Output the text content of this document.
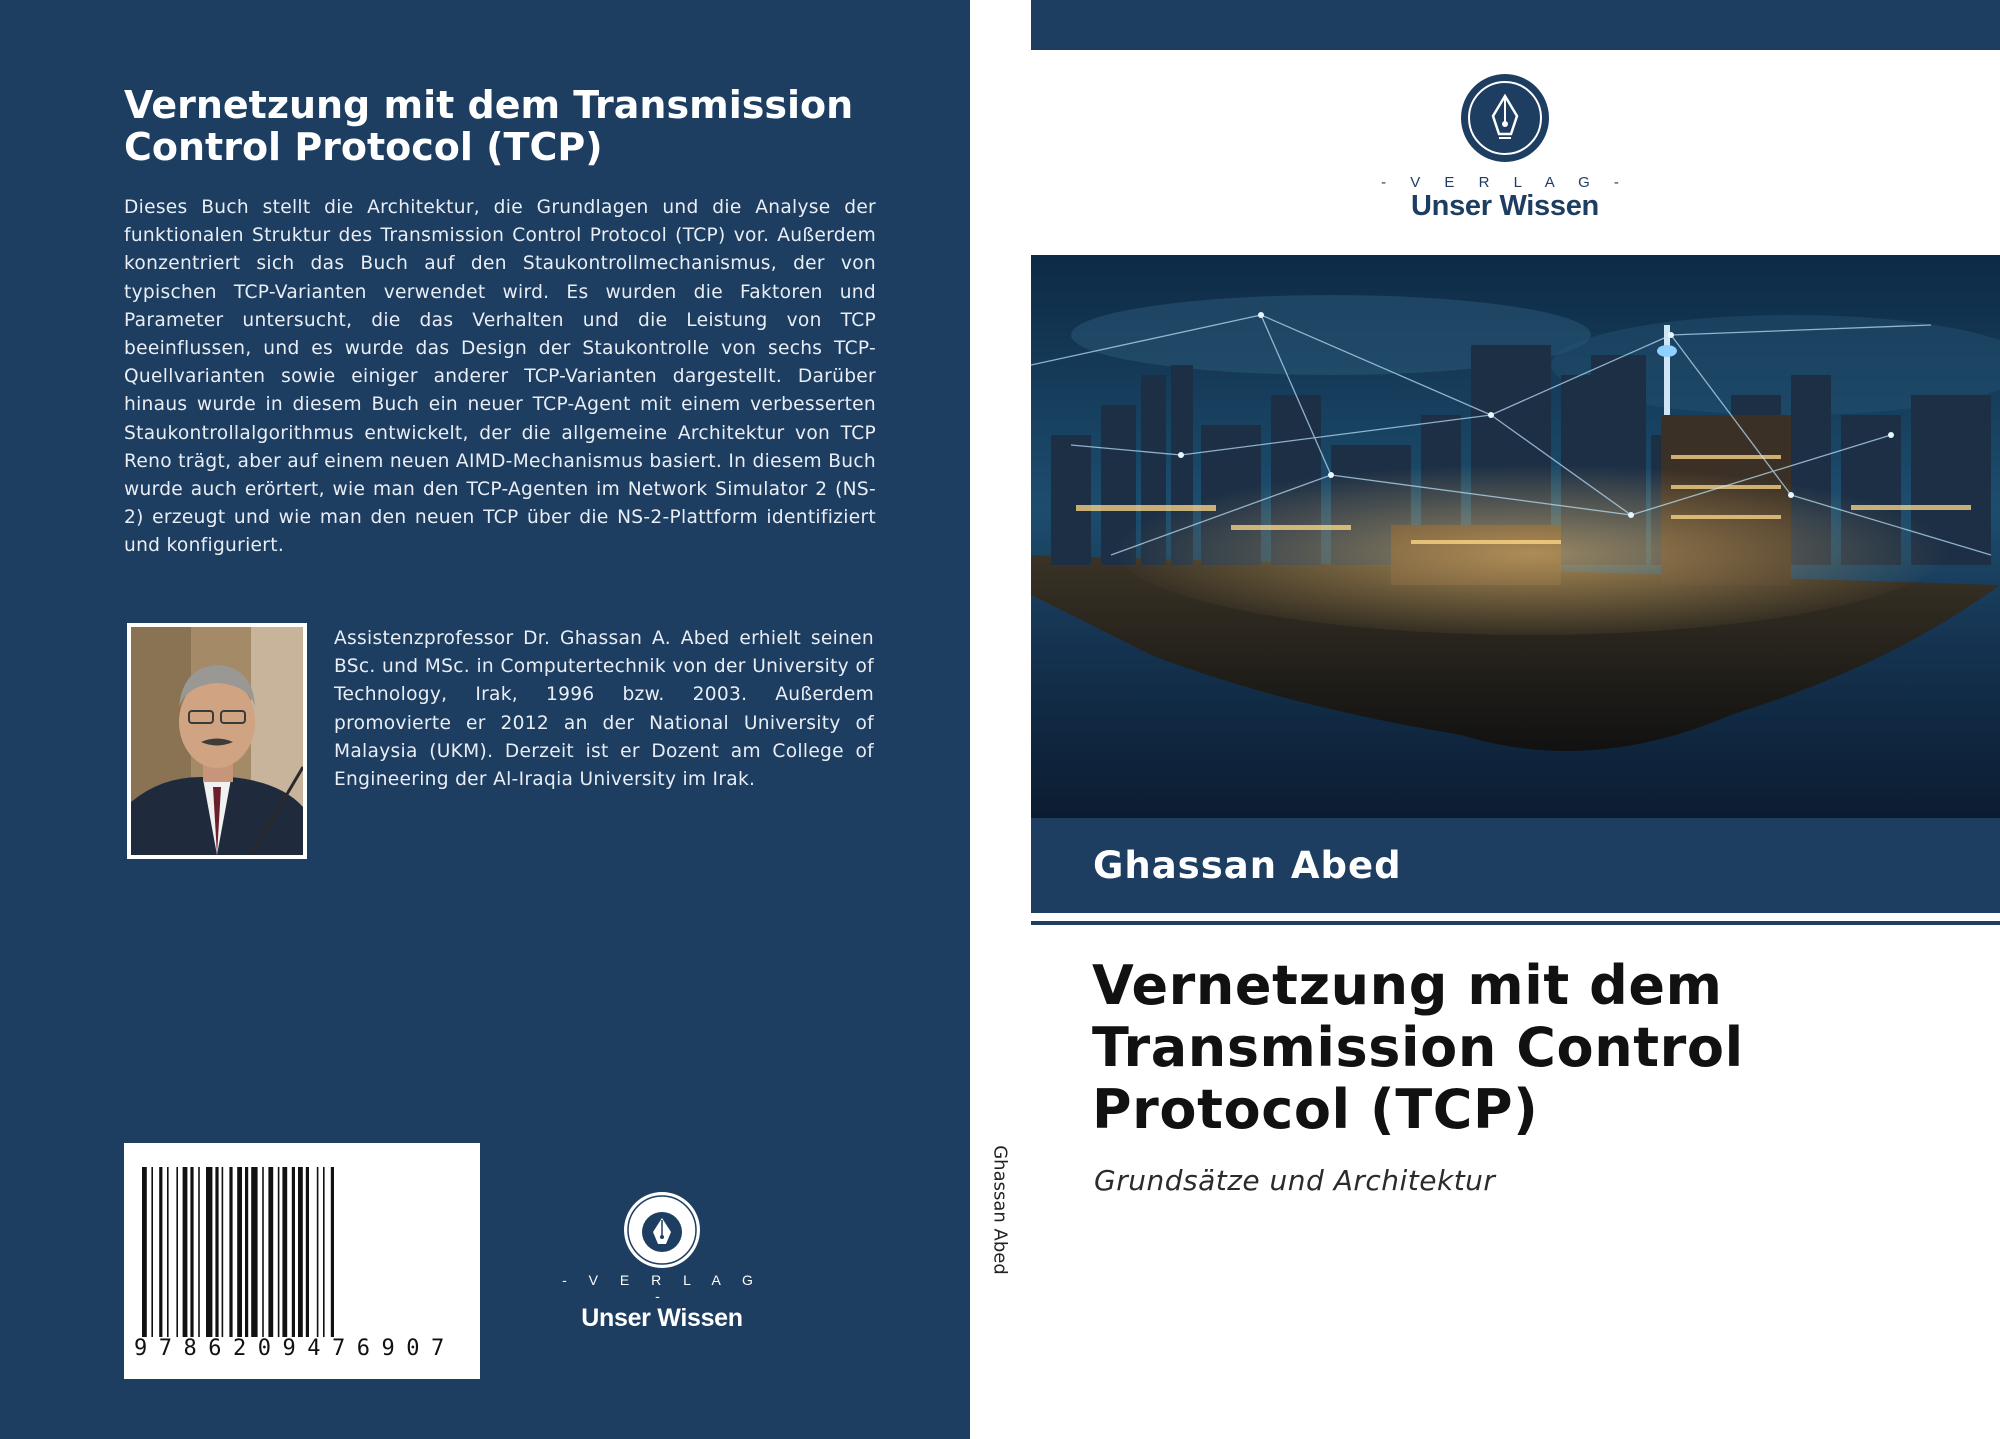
Vernetzung mit dem Transmission Control Protocol (TCP)

Dieses Buch stellt die Architektur, die Grundlagen und die Analyse der funktionalen Struktur des Transmission Control Protocol (TCP) vor. Außerdem konzentriert sich das Buch auf den Staukontrollmechanismus, der von typischen TCP-Varianten verwendet wird. Es wurden die Faktoren und Parameter untersucht, die das Verhalten und die Leistung von TCP beeinflussen, und es wurde das Design der Staukontrolle von sechs TCP-Quellvarianten sowie einiger anderer TCP-Varianten dargestellt. Darüber hinaus wurde in diesem Buch ein neuer TCP-Agent mit einem verbesserten Staukontrollalgorithmus entwickelt, der die allgemeine Architektur von TCP Reno trägt, aber auf einem neuen AIMD-Mechanismus basiert. In diesem Buch wurde auch erörtert, wie man den TCP-Agenten im Network Simulator 2 (NS-2) erzeugt und wie man den neuen TCP über die NS-2-Plattform identifiziert und konfiguriert.

Assistenzprofessor Dr. Ghassan A. Abed erhielt seinen BSc. und MSc. in Computertechnik von der University of Technology, Irak, 1996 bzw. 2003. Außerdem promovierte er 2012 an der National University of Malaysia (UKM). Derzeit ist er Dozent am College of Engineering der Al-Iraqia University im Irak.

9786209476907
- V E R L A G -
Unser Wissen
Ghassan Abed
- V E R L A G -
Unser Wissen
Ghassan Abed
Vernetzung mit dem Transmission Control Protocol (TCP)
Grundsätze und Architektur
